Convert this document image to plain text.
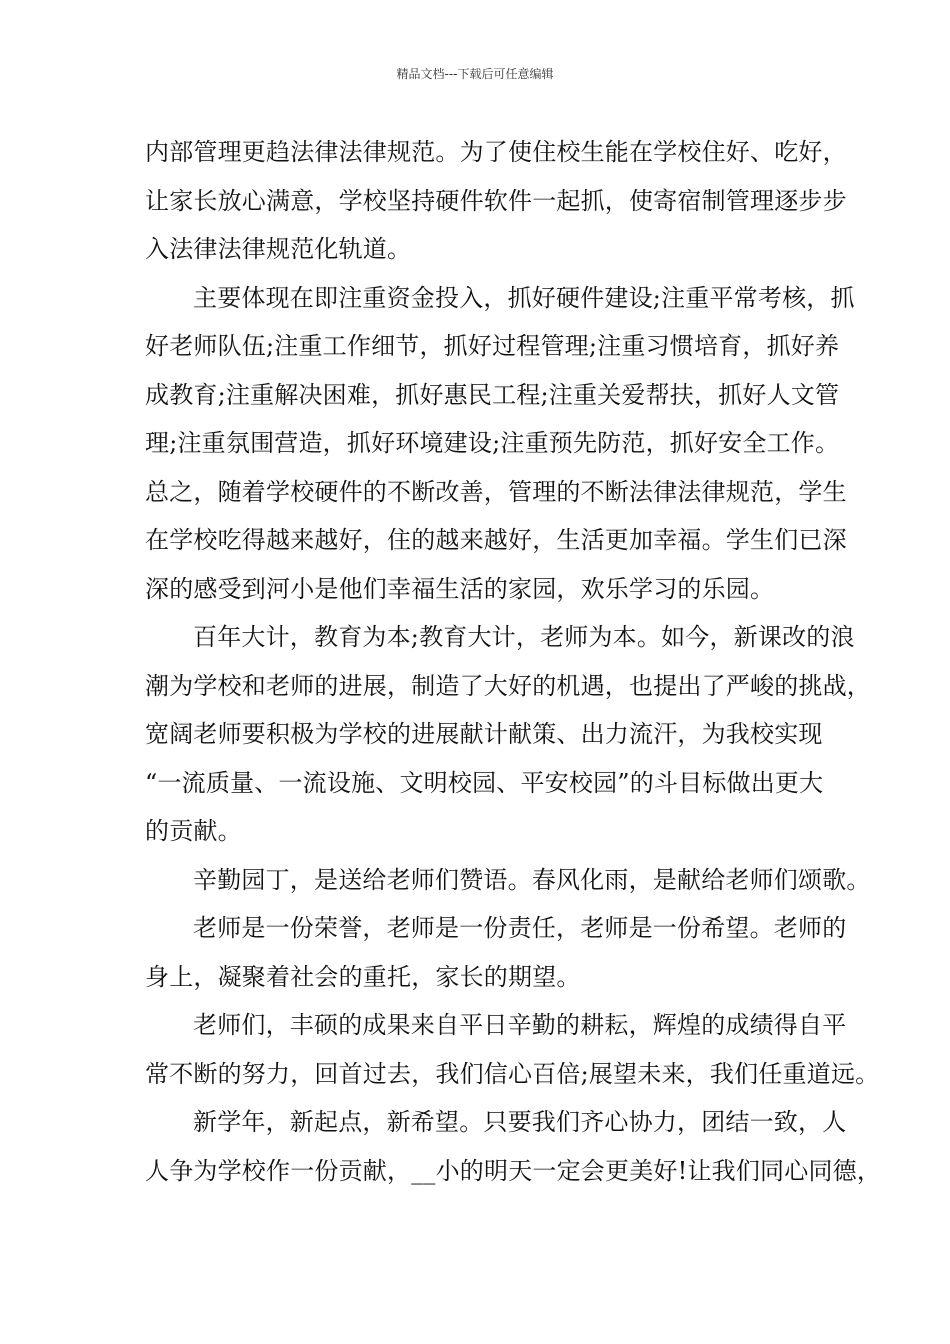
精品文档---下载后可任意编辑
内部管理更趋法律法律规范。为了使住校生能在学校住好、吃好，
让家长放心满意，学校坚持硬件软件一起抓，使寄宿制管理逐步步
入法律法律规范化轨道。
主要体现在即注重资金投入，抓好硬件建设;注重平常考核，抓
好老师队伍;注重工作细节，抓好过程管理;注重习惯培育，抓好养
成教育;注重解决困难，抓好惠民工程;注重关爱帮扶，抓好人文管
理;注重氛围营造，抓好环境建设;注重预先防范，抓好安全工作。
总之，随着学校硬件的不断改善，管理的不断法律法律规范，学生
在学校吃得越来越好，住的越来越好，生活更加幸福。学生们已深
深的感受到河小是他们幸福生活的家园，欢乐学习的乐园。
百年大计，教育为本;教育大计，老师为本。如今，新课改的浪
潮为学校和老师的进展，制造了大好的机遇，也提出了严峻的挑战，
宽阔老师要积极为学校的进展献计献策、出力流汗，为我校实现
“一流质量、一流设施、文明校园、平安校园”的斗目标做出更大
的贡献。
辛勤园丁，是送给老师们赞语。春风化雨，是献给老师们颂歌。
老师是一份荣誉，老师是一份责任，老师是一份希望。老师的
身上，凝聚着社会的重托，家长的期望。
老师们，丰硕的成果来自平日辛勤的耕耘，辉煌的成绩得自平
常不断的努力，回首过去，我们信心百倍;展望未来，我们任重道远。
新学年，新起点，新希望。只要我们齐心协力，团结一致，人
人争为学校作一份贡献，__小的明天一定会更美好!让我们同心同德，
